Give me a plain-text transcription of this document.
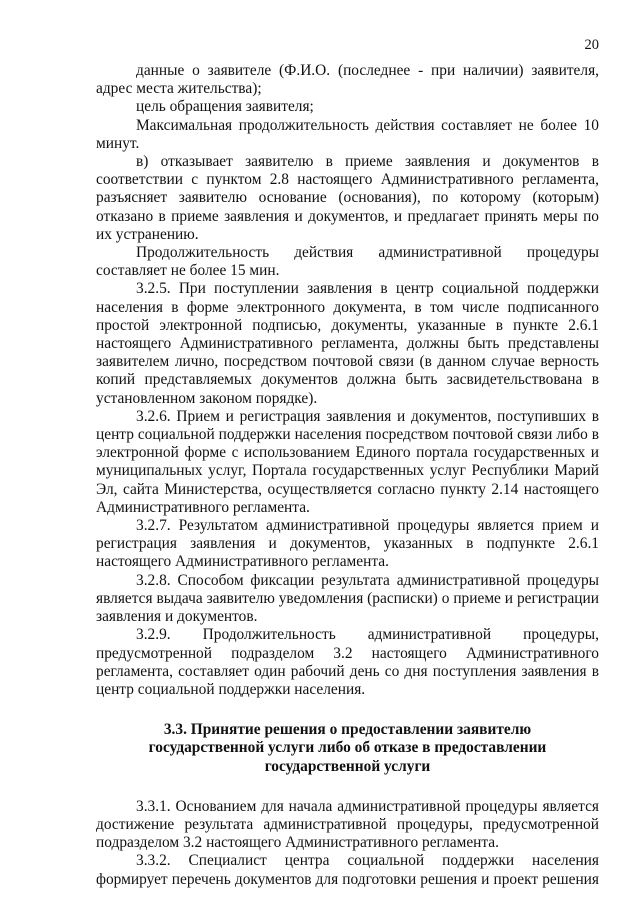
20

данные о заявителе (Ф.И.О. (последнее - при наличии) заявителя, адрес места жительства);

цель обращения заявителя;

Максимальная продолжительность действия составляет не более 10 минут.

в) отказывает заявителю в приеме заявления и документов в соответствии с пунктом 2.8 настоящего Административного регламента, разъясняет заявителю основание (основания), по которому (которым) отказано в приеме заявления и документов, и предлагает принять меры по их устранению.

Продолжительность действия административной процедуры составляет не более 15 мин.

3.2.5. При поступлении заявления в центр социальной поддержки населения в форме электронного документа, в том числе подписанного простой электронной подписью, документы, указанные в пункте 2.6.1 настоящего Административного регламента, должны быть представлены заявителем лично, посредством почтовой связи (в данном случае верность копий представляемых документов должна быть засвидетельствована в установленном законом порядке).

3.2.6. Прием и регистрация заявления и документов, поступивших в центр социальной поддержки населения посредством почтовой связи либо в электронной форме с использованием Единого портала государственных и муниципальных услуг, Портала государственных услуг Республики Марий Эл, сайта Министерства, осуществляется согласно пункту 2.14 настоящего Административного регламента.

3.2.7. Результатом административной процедуры является прием и регистрация заявления и документов, указанных в подпункте 2.6.1 настоящего Административного регламента.

3.2.8. Способом фиксации результата административной процедуры является выдача заявителю уведомления (расписки) о приеме и регистрации заявления и документов.

3.2.9. Продолжительность административной процедуры, предусмотренной подразделом 3.2 настоящего Административного регламента, составляет один рабочий день со дня поступления заявления в центр социальной поддержки населения.

3.3. Принятие решения о предоставлении заявителю
государственной услуги либо об отказе в предоставлении
государственной услуги

3.3.1. Основанием для начала административной процедуры является достижение результата административной процедуры, предусмотренной подразделом 3.2 настоящего Административного регламента.

3.3.2. Специалист центра социальной поддержки населения формирует перечень документов для подготовки решения и проект решения
